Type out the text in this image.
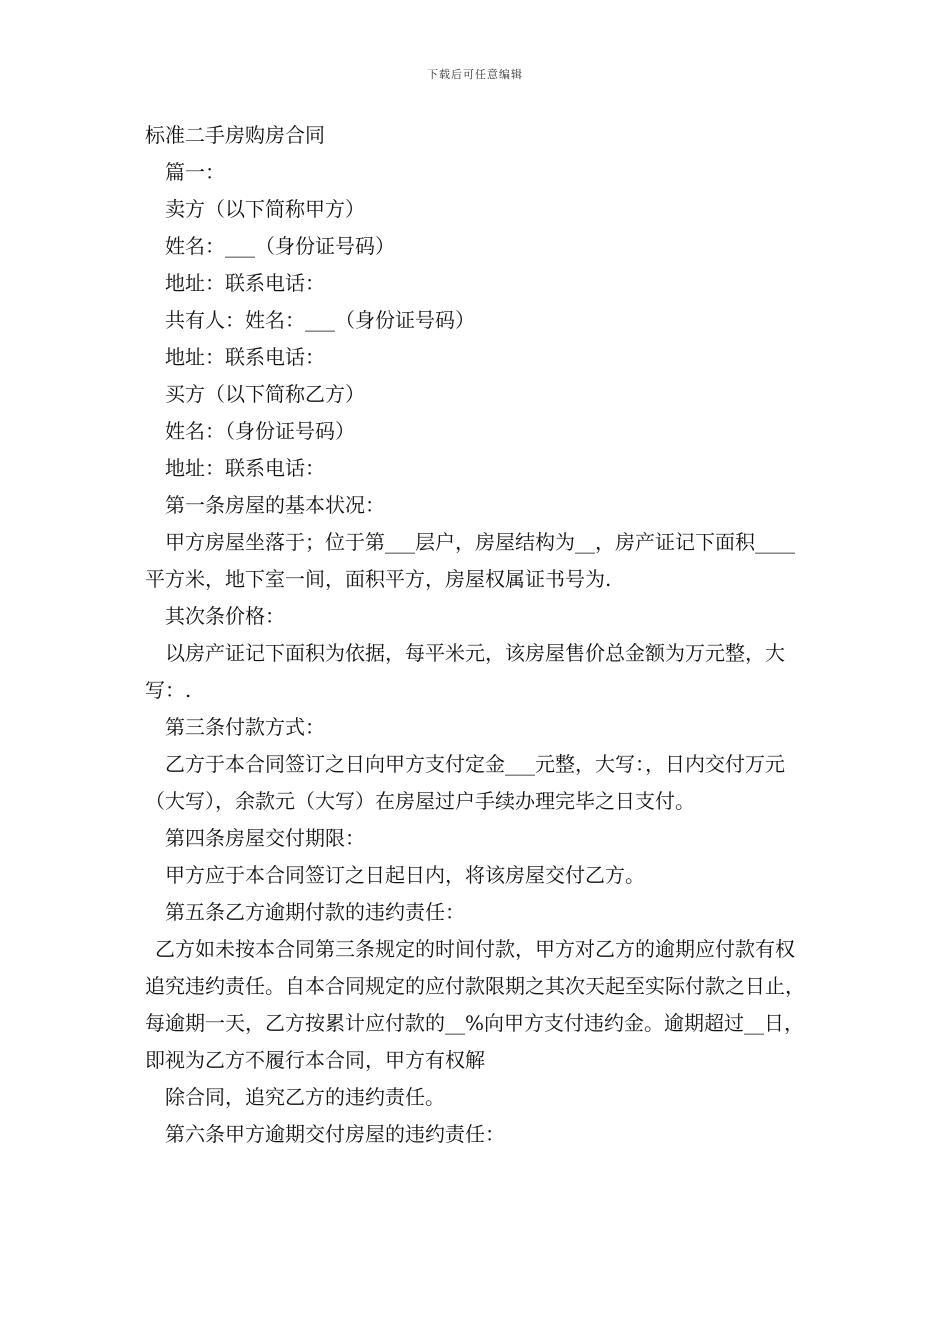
下载后可任意编辑

标准二手房购房合同

篇一：

卖方（以下简称甲方）

姓名：___（身份证号码）

地址：联系电话：

共有人：姓名：___（身份证号码）

地址：联系电话：

买方（以下简称乙方）

姓名：（身份证号码）

地址：联系电话：

第一条房屋的基本状况：

甲方房屋坐落于；位于第___层户，房屋结构为__，房产证记下面积____平方米，地下室一间，面积平方，房屋权属证书号为.

其次条价格：

以房产证记下面积为依据，每平米元，该房屋售价总金额为万元整，大写：.

第三条付款方式：

乙方于本合同签订之日向甲方支付定金___元整，大写：，日内交付万元（大写），余款元（大写）在房屋过户手续办理完毕之日支付。

第四条房屋交付期限：

甲方应于本合同签订之日起日内，将该房屋交付乙方。

第五条乙方逾期付款的违约责任：

乙方如未按本合同第三条规定的时间付款，甲方对乙方的逾期应付款有权追究违约责任。自本合同规定的应付款限期之其次天起至实际付款之日止，每逾期一天，乙方按累计应付款的__%向甲方支付违约金。逾期超过__日，即视为乙方不履行本合同，甲方有权解

除合同，追究乙方的违约责任。

第六条甲方逾期交付房屋的违约责任：
